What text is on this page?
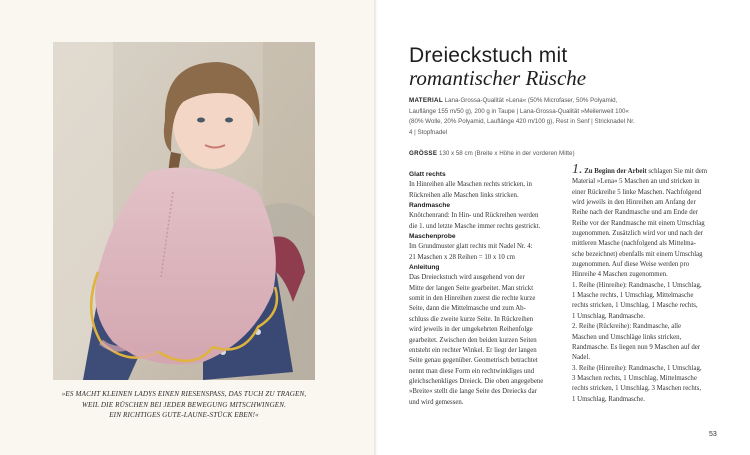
»ES MACHT KLEINEN LADYS EINEN RIESENSPASS, DAS TUCH ZU TRAGEN,
WEIL DIE RÜSCHEN BEI JEDER BEWEGUNG MITSCHWINGEN.
EIN RICHTIGES GUTE-LAUNE-STÜCK EBEN!«
Dreieckstuch mit
romantischer Rüsche
MATERIAL Lana-Grossa-Qualität »Lena« (50% Microfaser, 50% Polyamid, Lauflänge 155 m/50 g), 200 g in Taupe | Lana-Grossa-Qualität »Meilenweit 100« (80% Wolle, 20% Polyamid, Lauflänge 420 m/100 g), Rest in Senf | Stricknadel Nr. 4 | Stopfnadel
GRÖSSE 130 x 58 cm (Breite x Höhe in der vorderen Mitte)
Glatt rechts
In Hinreihen alle Maschen rechts stricken, in
Rückreihen alle Maschen links stricken.
Randmasche
Knötchenrand: In Hin- und Rückreihen werden
die 1. und letzte Masche immer rechts gestrickt.
Maschenprobe
Im Grundmuster glatt rechts mit Nadel Nr. 4:
21 Maschen x 28 Reihen = 10 x 10 cm
Anleitung
Das Dreieckstuch wird ausgehend von der
Mitte der langen Seite gearbeitet. Man strickt
somit in den Hinreihen zuerst die rechte kurze
Seite, dann die Mittelmasche und zum Ab-
schluss die zweite kurze Seite. In Rückreihen
wird jeweils in der umgekehrten Reihenfolge
gearbeitet. Zwischen den beiden kurzen Seiten
entsteht ein rechter Winkel. Er liegt der langen
Seite genau gegenüber. Geometrisch betrachtet
nennt man diese Form ein rechtwinkliges und
gleichschenkliges Dreieck. Die oben angegebene
»Breite« stellt die lange Seite des Dreiecks dar
und wird gemessen.
1. Zu Beginn der Arbeit schlagen Sie mit dem
Material »Lena« 5 Maschen an und stricken in
einer Rückreihe 5 linke Maschen. Nachfolgend
wird jeweils in den Hinreihen am Anfang der
Reihe nach der Randmasche und am Ende der
Reihe vor der Randmasche mit einem Umschlag
zugenommen. Zusätzlich wird vor und nach der
mittleren Masche (nachfolgend als Mittelma-
sche bezeichnet) ebenfalls mit einem Umschlag
zugenommen. Auf diese Weise werden pro
Hinreihe 4 Maschen zugenommen.
1. Reihe (Hinreihe): Randmasche, 1 Umschlag,
1 Masche rechts, 1 Umschlag, Mittelmasche
rechts stricken, 1 Umschlag, 1 Masche rechts,
1 Umschlag, Randmasche.
2. Reihe (Rückreihe): Randmasche, alle
Maschen und Umschläge links stricken,
Randmasche. Es liegen nun 9 Maschen auf der
Nadel.
3. Reihe (Hinreihe): Randmasche, 1 Umschlag,
3 Maschen rechts, 1 Umschlag, Mittelmasche
rechts stricken, 1 Umschlag, 3 Maschen rechts,
1 Umschlag, Randmasche.
53
